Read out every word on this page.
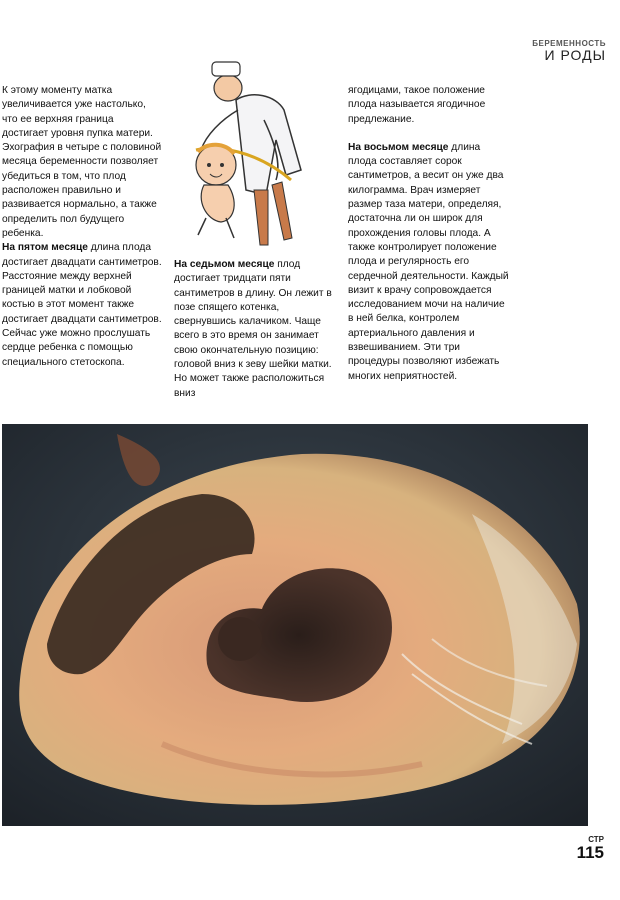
БЕРЕМЕННОСТЬ
И РОДЫ

К этому моменту матка увеличивается уже настолько, что ее верхняя граница достигает уровня пупка матери. Эхография в четыре с половиной месяца беременности позволяет убедиться в том, что плод расположен правильно и развивается нормально, а также определить пол будущего ребенка.

На пятом месяце длина плода достигает двадцати сантиметров. Расстояние между верхней границей матки и лобковой костью в этот момент также достигает двадцати сантиметров. Сейчас уже можно прослушать сердце ребенка с помощью специального стетоскопа.

На седьмом месяце плод достигает тридцати пяти сантиметров в длину. Он лежит в позе спящего котенка, свернувшись калачиком. Чаще всего в это время он занимает свою окончательную позицию: головой вниз к зеву шейки матки. Но может также расположиться вниз

ягодицами, такое положение плода называется ягодичное предлежание.

На восьмом месяце длина плода составляет сорок сантиметров, а весит он уже два килограмма. Врач измеряет размер таза матери, определяя, достаточна ли он широк для прохождения головы плода. А также контролирует положение плода и регулярность его сердечной деятельности. Каждый визит к врачу сопровождается исследованием мочи на наличие в ней белка, контролем артериального давления и взвешиванием. Эти три процедуры позволяют избежать многих неприятностей.

СТР
115
